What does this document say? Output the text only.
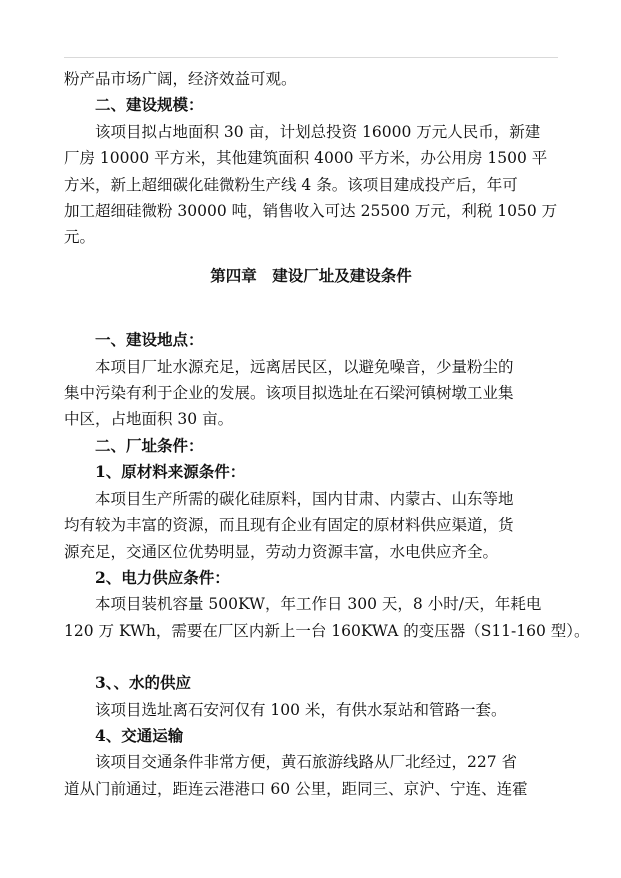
粉产品市场广阔，经济效益可观。

二、建设规模：

该项目拟占地面积 30 亩，计划总投资 16000 万元人民币，新建

厂房 10000 平方米，其他建筑面积 4000 平方米，办公用房 1500 平

方米，新上超细碳化硅微粉生产线 4 条。该项目建成投产后，年可

加工超细硅微粉 30000 吨，销售收入可达 25500 万元，利税 1050 万

元。

第四章　建设厂址及建设条件

一、建设地点：

本项目厂址水源充足，远离居民区，以避免噪音，少量粉尘的

集中污染有利于企业的发展。该项目拟选址在石梁河镇树墩工业集

中区，占地面积 30 亩。

二、厂址条件：

1、原材料来源条件：

本项目生产所需的碳化硅原料，国内甘肃、内蒙古、山东等地

均有较为丰富的资源，而且现有企业有固定的原材料供应渠道，货

源充足，交通区位优势明显，劳动力资源丰富，水电供应齐全。

2、电力供应条件：

本项目装机容量 500KW，年工作日 300 天，8 小时/天，年耗电

120 万 KWh，需要在厂区内新上一台 160KWA 的变压器（S11-160 型）。

3、、水的供应

该项目选址离石安河仅有 100 米，有供水泵站和管路一套。

4、交通运输

该项目交通条件非常方便，黄石旅游线路从厂北经过，227 省

道从门前通过，距连云港港口 60 公里，距同三、京沪、宁连、连霍
